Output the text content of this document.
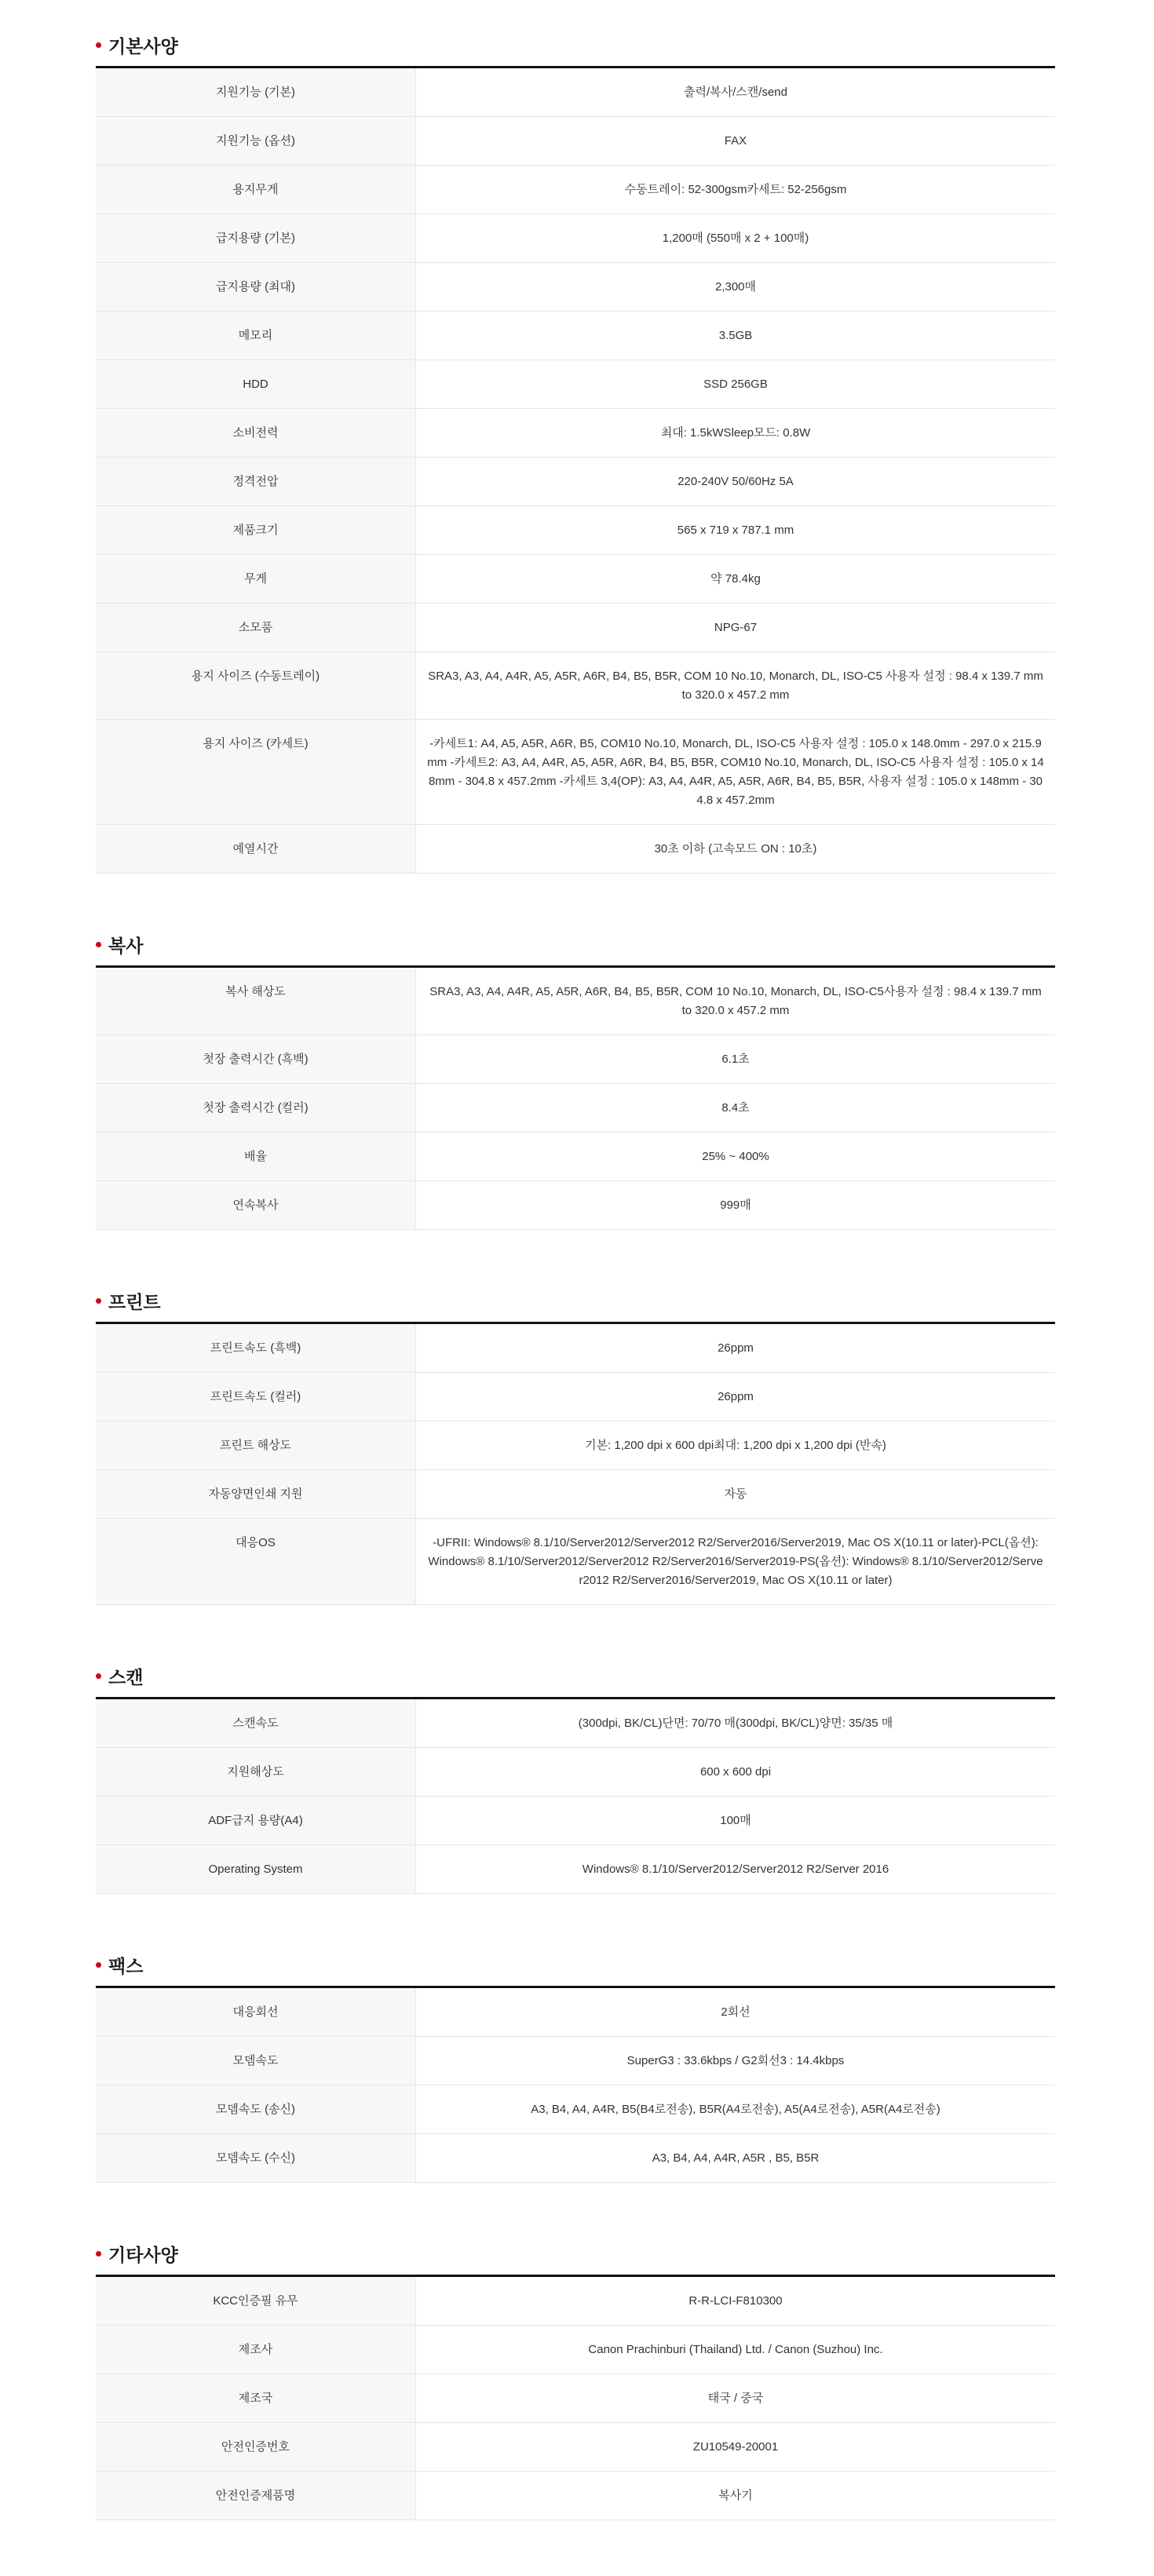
기본사양
지원기능 (기본)	출력/복사/스캔/send
지원기능 (옵션)	FAX
용지무게	수동트레이: 52-300gsm카세트: 52-256gsm
급지용량 (기본)	1,200매 (550매 x 2 + 100매)
급지용량 (최대)	2,300매
메모리	3.5GB
HDD	SSD 256GB
소비전력	최대: 1.5kWSleep모드: 0.8W
정격전압	220-240V 50/60Hz 5A
제품크기	565 x 719 x 787.1 mm
무게	약 78.4kg
소모품	NPG-67
용지 사이즈 (수동트레이)	SRA3, A3, A4, A4R, A5, A5R, A6R, B4, B5, B5R, COM 10 No.10, Monarch, DL, ISO-C5 사용자 설정 : 98.4 x 139.7 mm to 320.0 x 457.2 mm
용지 사이즈 (카세트)	-카세트1: A4, A5, A5R, A6R, B5, COM10 No.10, Monarch, DL, ISO-C5 사용자 설정 : 105.0 x 148.0mm - 297.0 x 215.9mm -카세트2: A3, A4, A4R, A5, A5R, A6R, B4, B5, B5R, COM10 No.10, Monarch, DL, ISO-C5 사용자 설정 : 105.0 x 148mm - 304.8 x 457.2mm -카세트 3,4(OP): A3, A4, A4R, A5, A5R, A6R, B4, B5, B5R, 사용자 설정 : 105.0 x 148mm - 304.8 x 457.2mm
예열시간	30초 이하 (고속모드 ON : 10초)
복사
복사 해상도	SRA3, A3, A4, A4R, A5, A5R, A6R, B4, B5, B5R, COM 10 No.10, Monarch, DL, ISO-C5사용자 설정 : 98.4 x 139.7 mm to 320.0 x 457.2 mm
첫장 출력시간 (흑백)	6.1초
첫장 출력시간 (컬러)	8.4초
배율	25% ~ 400%
연속복사	999매
프린트
프린트속도 (흑백)	26ppm
프린트속도 (컬러)	26ppm
프린트 해상도	기본: 1,200 dpi x 600 dpi최대: 1,200 dpi x 1,200 dpi (반속)
자동양면인쇄 지원	자동
대응OS	-UFRII: Windows® 8.1/10/Server2012/Server2012 R2/Server2016/Server2019, Mac OS X(10.11 or later)-PCL(옵션): Windows® 8.1/10/Server2012/Server2012 R2/Server2016/Server2019-PS(옵션): Windows® 8.1/10/Server2012/Server2012 R2/Server2016/Server2019, Mac OS X(10.11 or later)
스캔
스캔속도	(300dpi, BK/CL)단면: 70/70 매(300dpi, BK/CL)양면: 35/35 매
지원해상도	600 x 600 dpi
ADF급지 용량(A4)	100매
Operating System	Windows® 8.1/10/Server2012/Server2012 R2/Server 2016
팩스
대응회선	2회선
모뎀속도	SuperG3 : 33.6kbps / G2회선3 : 14.4kbps
모뎀속도 (송신)	A3, B4, A4, A4R, B5(B4로전송), B5R(A4로전송), A5(A4로전송), A5R(A4로전송)
모뎀속도 (수신)	A3, B4, A4, A4R, A5R , B5, B5R
기타사양
KCC인증필 유무	R-R-LCI-F810300
제조사	Canon Prachinburi (Thailand) Ltd. / Canon (Suzhou) Inc.
제조국	태국 / 중국
안전인증번호	ZU10549-20001
안전인증제품명	복사기
